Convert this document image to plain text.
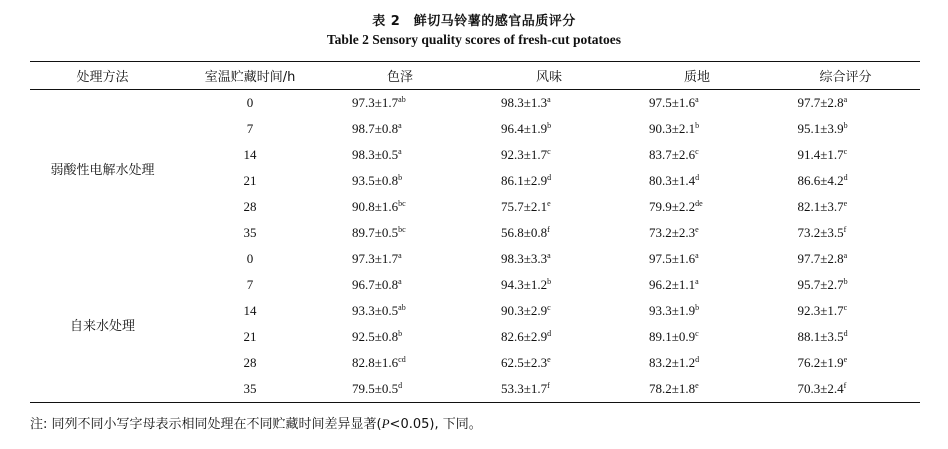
表 2　鲜切马铃薯的感官品质评分
Table 2 Sensory quality scores of fresh-cut potatoes
处理方法	室温贮藏时间/h	色泽	风味	质地	综合评分
弱酸性电解水处理	0	97.3±1.7$^{ab}$	98.3±1.3$^a$	97.5±1.6$^a$	97.7±2.8$^a$
	7	98.7±0.8$^a$	96.4±1.9$^b$	90.3±2.1$^b$	95.1±3.9$^b$
	14	98.3±0.5$^a$	92.3±1.7$^c$	83.7±2.6$^c$	91.4±1.7$^c$
	21	93.5±0.8$^b$	86.1±2.9$^d$	80.3±1.4$^d$	86.6±4.2$^d$
	28	90.8±1.6$^{bc}$	75.7±2.1$^e$	79.9±2.2de	82.1±3.7$^e$
	35	89.7±0.5$^{bc}$	56.8±0.8$^f$	73.2±2.3$^e$	73.2±3.5$^f$
自来水处理	0	97.3±1.7$^a$	98.3±3.3$^a$	97.5±1.6$^a$	97.7±2.8$^a$
	7	96.7±0.8$^a$	94.3±1.2$^b$	96.2±1.1$^a$	95.7±2.7$^b$
	14	93.3±0.5$^{ab}$	90.3±2.9$^c$	93.3±1.9$^b$	92.3±1.7$^c$
	21	92.5±0.8$^b$	82.6±2.9$^d$	89.1±0.9$^c$	88.1±3.5$^d$
	28	82.8±1.6$^{cd}$	62.5±2.3$^e$	83.2±1.2$^d$	76.2±1.9$^e$
	35	79.5±0.5$^d$	53.3±1.7$^f$	78.2±1.8$^e$	70.3±2.4$^f$
注: 同列不同小写字母表示相同处理在不同贮藏时间差异显著(P<0.05), 下同。
